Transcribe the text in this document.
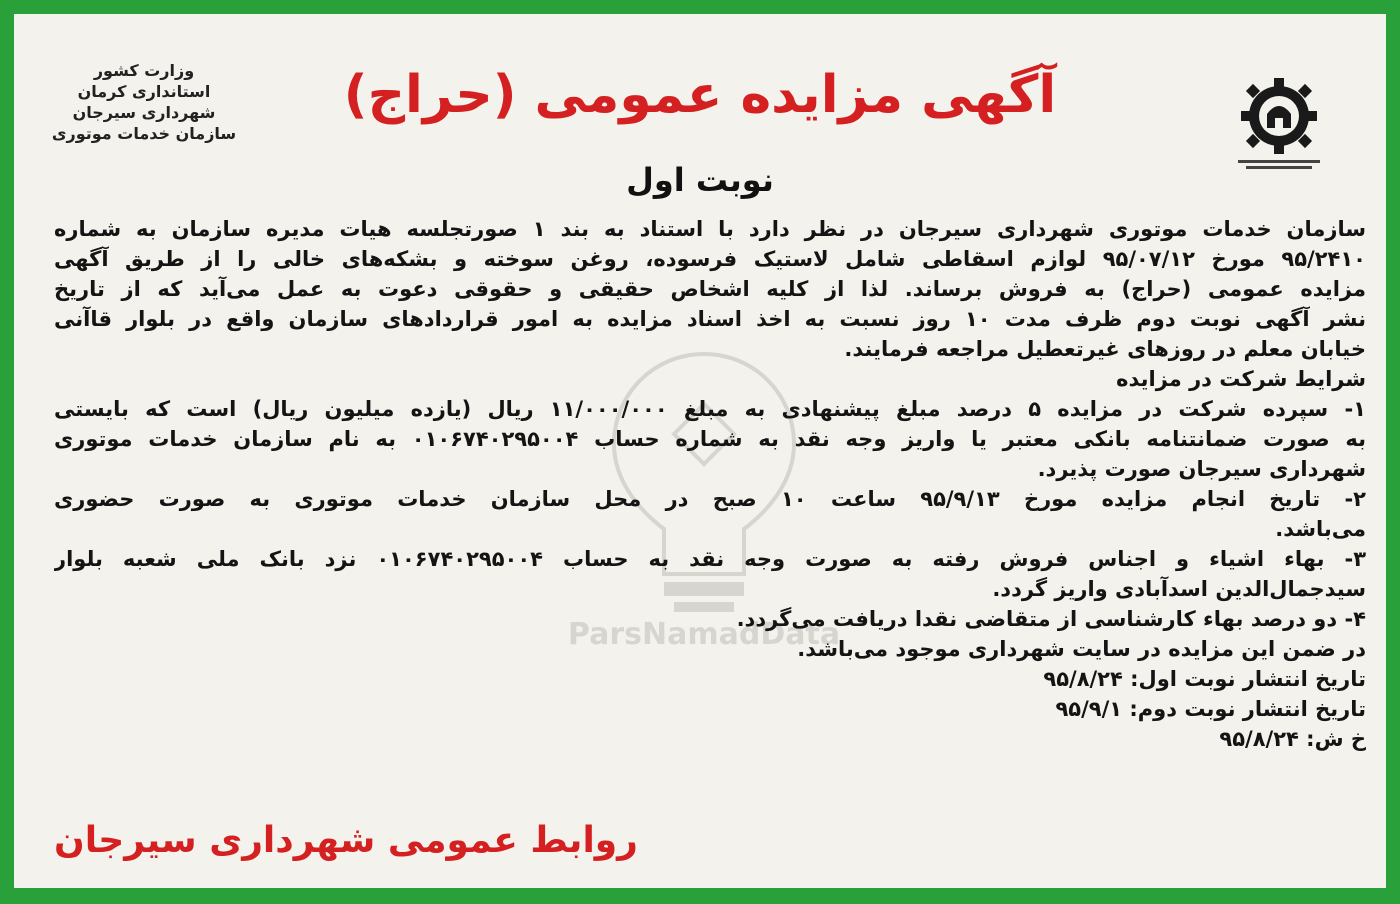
ParsNamadData
وزارت کشور
استانداری کرمان
شهرداری سیرجان
سازمان خدمات موتوری
آگهی مزایده عمومی (حراج)
نوبت اول
سازمان خدمات موتوری شهرداری سیرجان در نظر دارد با استناد به بند ۱ صورتجلسه هیات مدیره سازمان به شماره
۹۵/۲۴۱۰ مورخ ۹۵/۰۷/۱۲ لوازم اسقاطی شامل لاستیک فرسوده، روغن سوخته و بشکه‌های خالی را از طریق آگهی
مزایده عمومی (حراج) به فروش برساند. لذا از کلیه اشخاص حقیقی و حقوقی دعوت به عمل می‌آید که از تاریخ
نشر آگهی نوبت دوم ظرف مدت ۱۰ روز نسبت به اخذ اسناد مزایده به امور قراردادهای سازمان واقع در بلوار قاآنی
خیابان معلم در روزهای غیرتعطیل مراجعه فرمایند.
شرایط شرکت در مزایده
۱- سپرده شرکت در مزایده ۵ درصد مبلغ پیشنهادی به مبلغ ۱۱/۰۰۰/۰۰۰ ریال (یازده میلیون ریال) است که بایستی
به صورت ضمانتنامه بانکی معتبر یا واریز وجه نقد به شماره حساب ۰۱۰۶۷۴۰۲۹۵۰۰۴ به نام سازمان خدمات موتوری
شهرداری سیرجان صورت پذیرد.
۲- تاریخ انجام مزایده مورخ ۹۵/۹/۱۳ ساعت ۱۰ صبح در محل سازمان خدمات موتوری به صورت حضوری
می‌باشد.
۳- بهاء اشیاء و اجناس فروش رفته به صورت وجه نقد به حساب ۰۱۰۶۷۴۰۲۹۵۰۰۴ نزد بانک ملی شعبه بلوار
سیدجمال‌الدین اسدآبادی واریز گردد.
۴- دو درصد بهاء کارشناسی از متقاضی نقدا دریافت می‌گردد.
در ضمن این مزایده در سایت شهرداری موجود می‌باشد.
تاریخ انتشار نوبت اول: ۹۵/۸/۲۴
تاریخ انتشار نوبت دوم: ۹۵/۹/۱
خ ش: ۹۵/۸/۲۴
روابط عمومی شهرداری سیرجان
